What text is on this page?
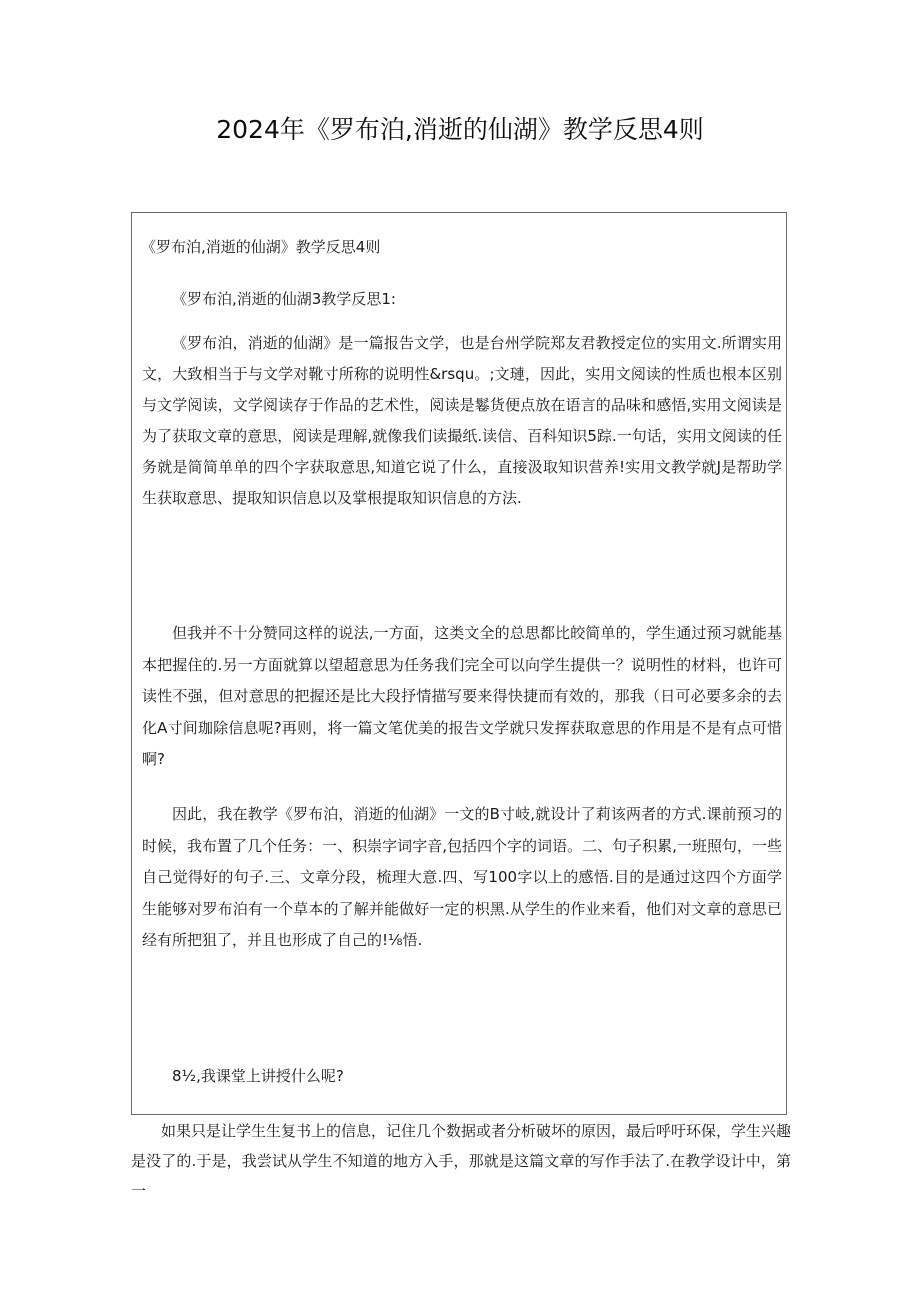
2024年《罗布泊,消逝的仙湖》教学反思4则
《罗布泊,消逝的仙湖》教学反思4则

《罗布泊,消逝的仙湖3教学反思1:

《罗布泊，消逝的仙湖》是一篇报告文学，也是台州学院郑友君教授定位的实用文.所谓实用文，大致相当于与文学对靴寸所称的说明性&rsqu。;文璉，因此，实用文阅读的性质也根本区别与文学阅读，文学阅读存于作品的艺术性，阅读是鬈货便点放在语言的品味和感悟,实用文阅读是为了获取文章的意思，阅读是理解,就像我们读撮纸.读信、百科知识5踪.一句话，实用文阅读的任务就是简简单单的四个字获取意思,知道它说了什么，直接汲取知识营养!实用文教学就J是帮助学生获取意思、提取知识信息以及掌根提取知识信息的方法.

但我并不十分赞同这样的说法,一方面，这类文全的总思都比皎简单的，学生通过预习就能基本把握住的.另一方面就算以望超意思为任务我们完全可以向学生提供一？说明性的材料，也许可读性不强，但对意思的把握还是比大段抒情描写要来得快捷而有效的，那我（日可必要多余的去化A寸间珈除信息呢?再则，将一篇文笔优美的报告文学就只发挥获取意思的作用是不是有点可惜啊?

因此，我在教学《罗布泊，消逝的仙湖》一文的B寸岐,就设计了莉该两者的方式.课前预习的时候，我布置了几个任务：一、积崇字词字音,包括四个字的词语。二、句子积累,一班照句，一些自己觉得好的句子.三、文章分段，梳理大意.四、写100字以上的感悟.目的是通过这四个方面学生能够对罗布泊有一个草本的了解并能做好一定的枳黑.从学生的作业来看，他们对文章的意思已经有所把狙了，并且也形成了自己的!⅛悟.

8½,我课堂上讲授什么呢?

如果只是让学生生复书上的信息，记住几个数据或者分析破坏的原因，最后呼吁环保，学生兴趣是没了的.于是，我尝试从学生不知道的地方入手，那就是这篇文章的写作手法了.在教学设计中，第一
